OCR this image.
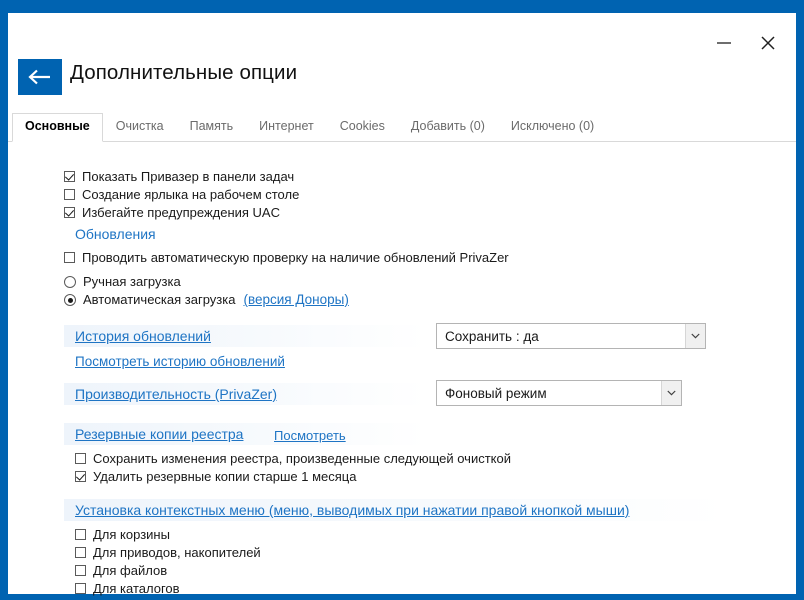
Дополнительные опции
Основные	Очистка	Память	Интернет	Cookies	Добавить (0)	Исключено (0)
Показать Привазер в панели задач
Создание ярлыка на рабочем столе
Избегайте предупреждения UAC
Обновления
Проводить автоматическую проверку на наличие обновлений PrivaZer
Ручная загрузка
Автоматическая загрузка (версия Доноры)
История обновлений	Сохранить : да
Посмотреть историю обновлений
Производительность (PrivaZer)	Фоновый режим
Резервные копии реестра Посмотреть
Сохранить изменения реестра, произведенные следующей очисткой
Удалить резервные копии старше 1 месяца
Установка контекстных меню (меню, выводимых при нажатии правой кнопкой мыши)
Для корзины
Для приводов, накопителей
Для файлов
Для каталогов
